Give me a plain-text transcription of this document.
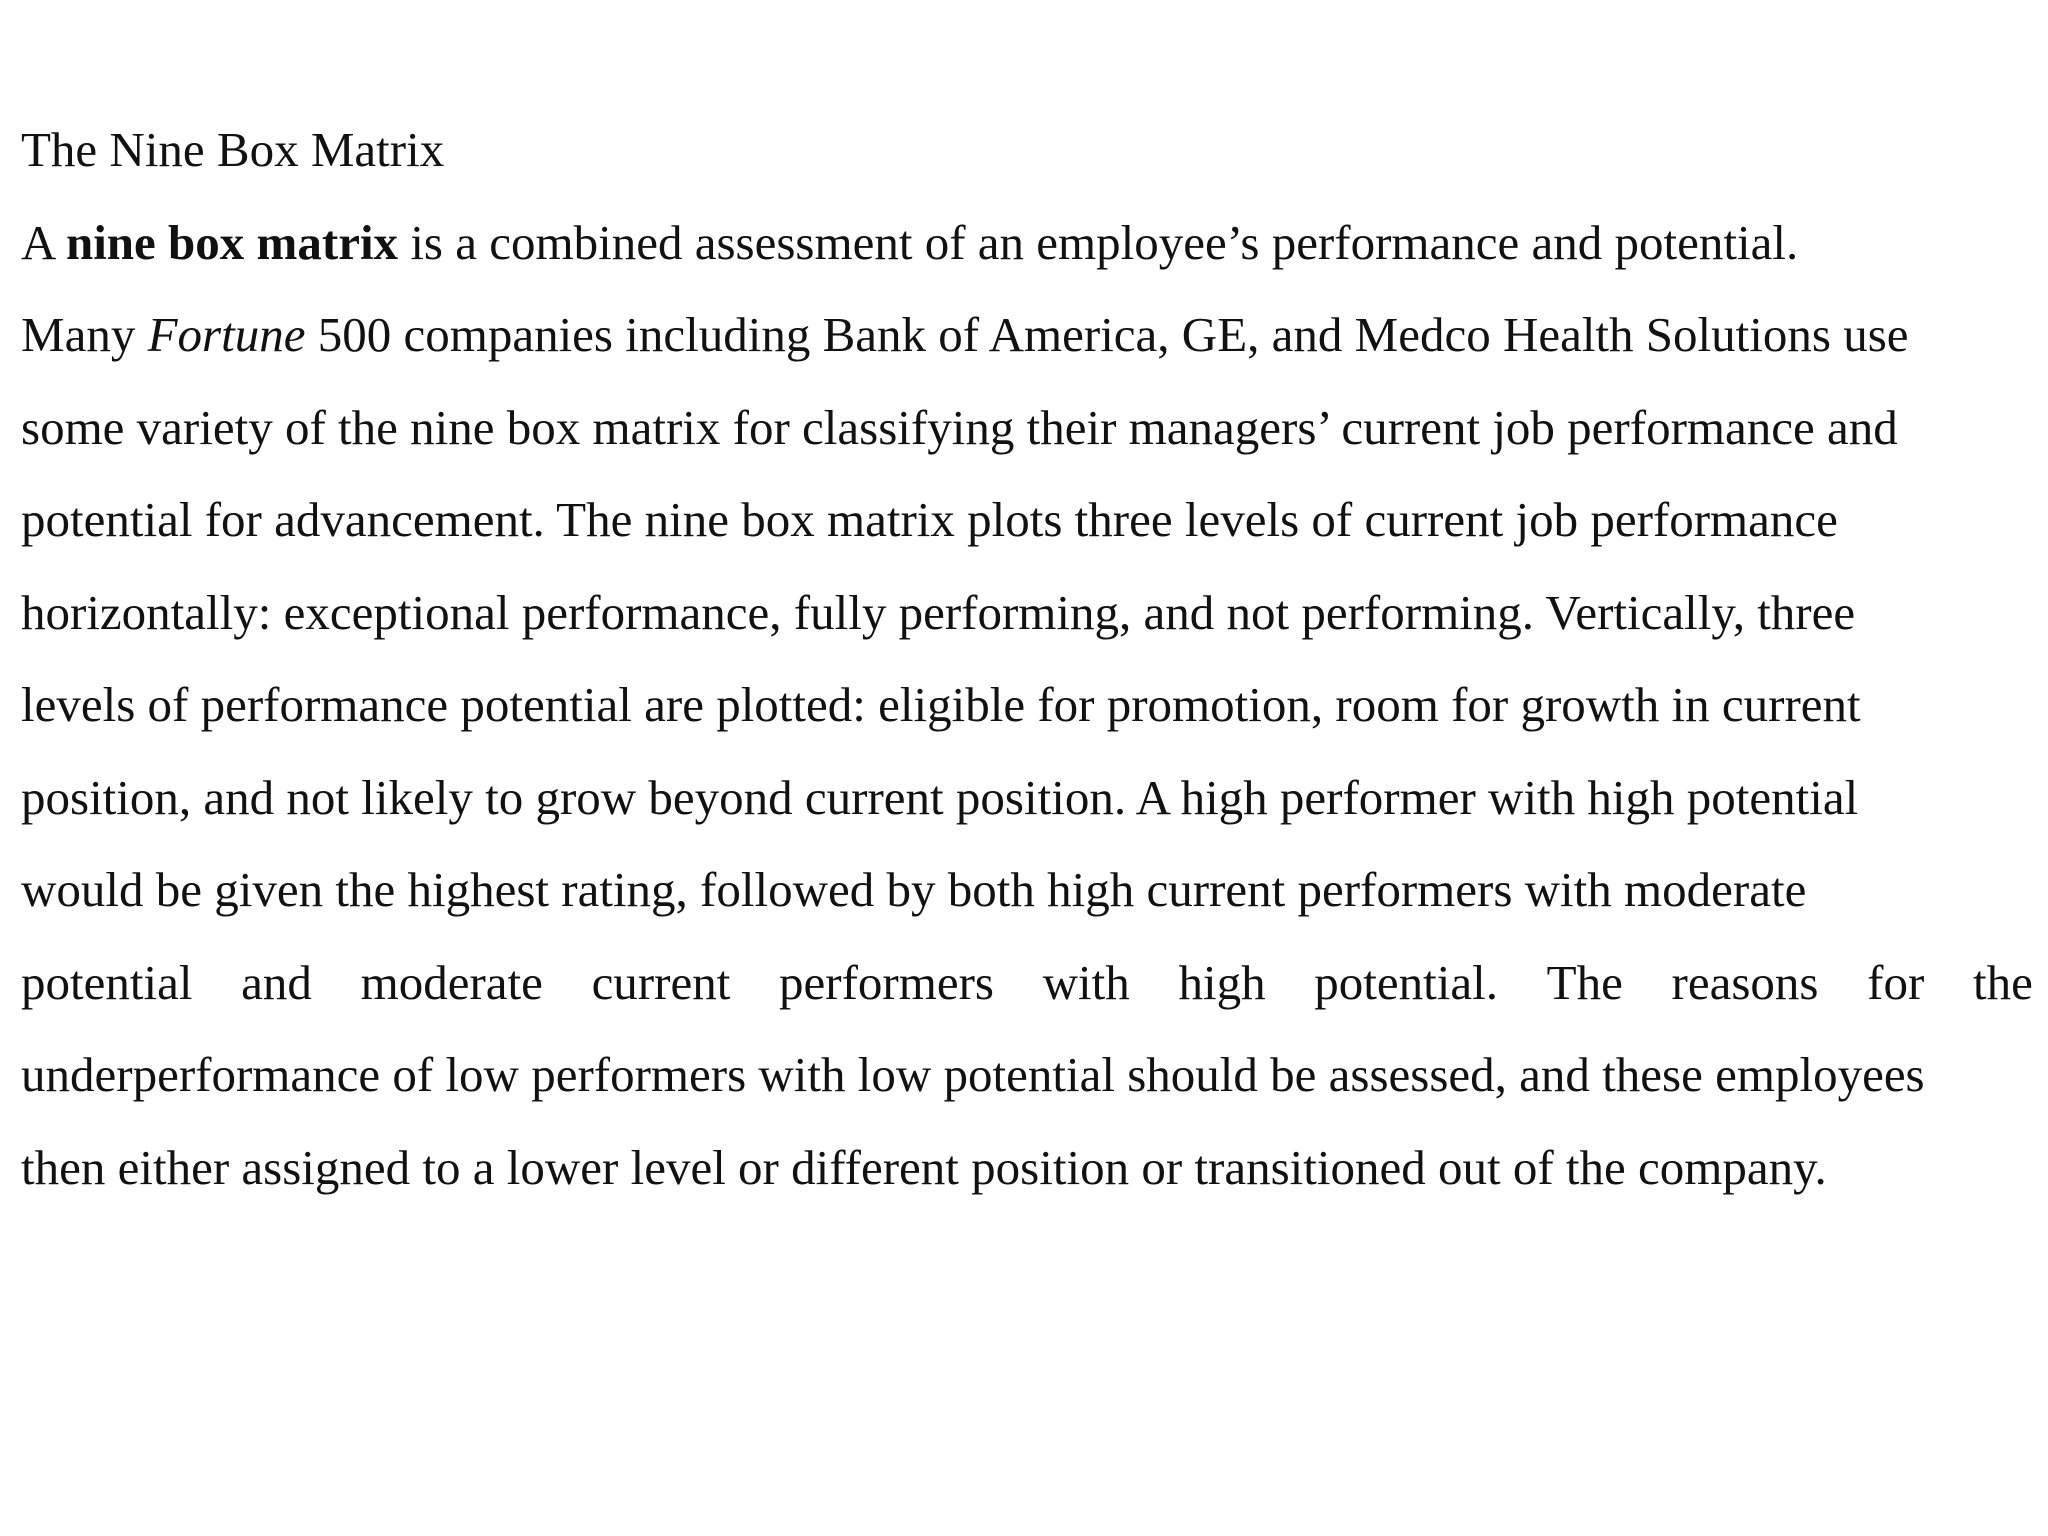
The Nine Box Matrix
A nine box matrix is a combined assessment of an employee’s performance and potential.
Many Fortune 500 companies including Bank of America, GE, and Medco Health Solutions use
some variety of the nine box matrix for classifying their managers’ current job performance and
potential for advancement. The nine box matrix plots three levels of current job performance
horizontally: exceptional performance, fully performing, and not performing. Vertically, three
levels of performance potential are plotted: eligible for promotion, room for growth in current
position, and not likely to grow beyond current position. A high performer with high potential
would be given the highest rating, followed by both high current performers with moderate
potential and moderate current performers with high potential. The reasons for the
underperformance of low performers with low potential should be assessed, and these employees
then either assigned to a lower level or different position or transitioned out of the company.
